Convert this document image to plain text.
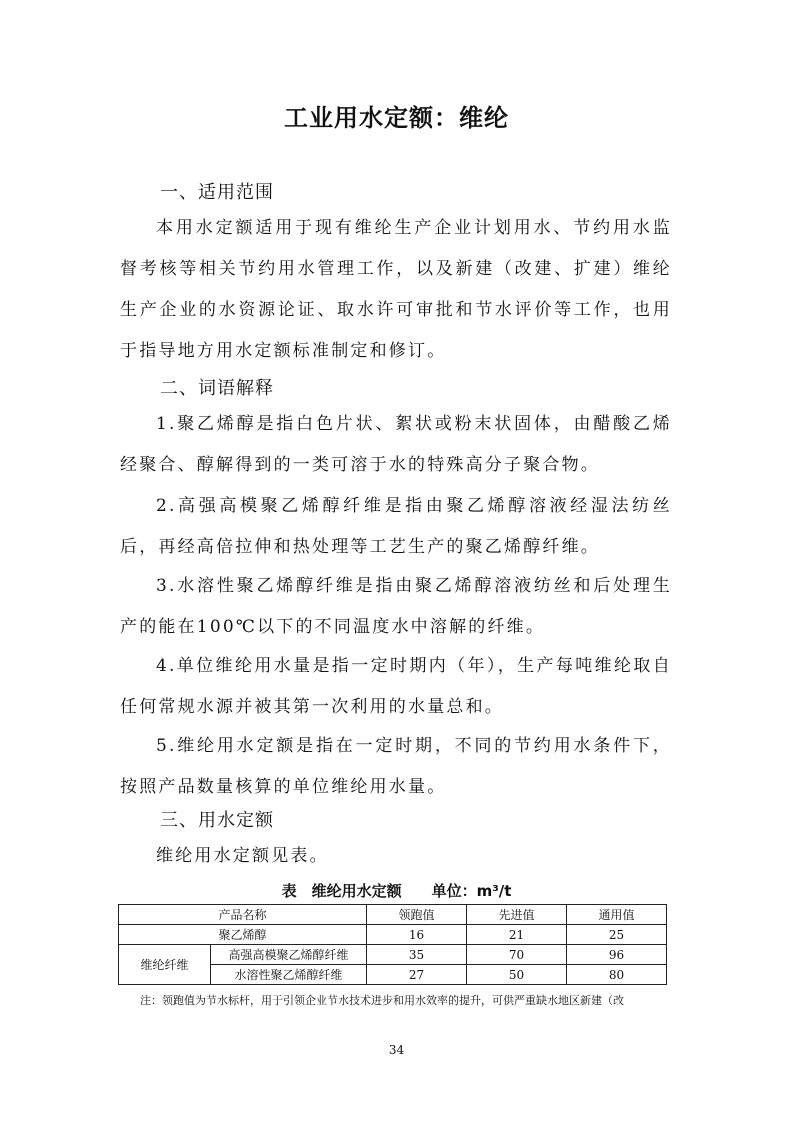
工业用水定额：维纶
一、适用范围

本用水定额适用于现有维纶生产企业计划用水、节约用水监督考核等相关节约用水管理工作，以及新建（改建、扩建）维纶生产企业的水资源论证、取水许可审批和节水评价等工作，也用于指导地方用水定额标准制定和修订。

二、词语解释

1.聚乙烯醇是指白色片状、絮状或粉末状固体，由醋酸乙烯经聚合、醇解得到的一类可溶于水的特殊高分子聚合物。

2.高强高模聚乙烯醇纤维是指由聚乙烯醇溶液经湿法纺丝后，再经高倍拉伸和热处理等工艺生产的聚乙烯醇纤维。

3.水溶性聚乙烯醇纤维是指由聚乙烯醇溶液纺丝和后处理生产的能在100℃以下的不同温度水中溶解的纤维。

4.单位维纶用水量是指一定时期内（年），生产每吨维纶取自任何常规水源并被其第一次利用的水量总和。

5.维纶用水定额是指在一定时期，不同的节约用水条件下，按照产品数量核算的单位维纶用水量。

三、用水定额

维纶用水定额见表。

表　维纶用水定额　　单位：m³/t

产品名称		领跑值	先进值	通用值
聚乙烯醇		16	21	25
维纶纤维	高强高模聚乙烯醇纤维	35	70	96
	水溶性聚乙烯醇纤维	27	50	80

注：领跑值为节水标杆，用于引领企业节水技术进步和用水效率的提升，可供严重缺水地区新建（改

34
